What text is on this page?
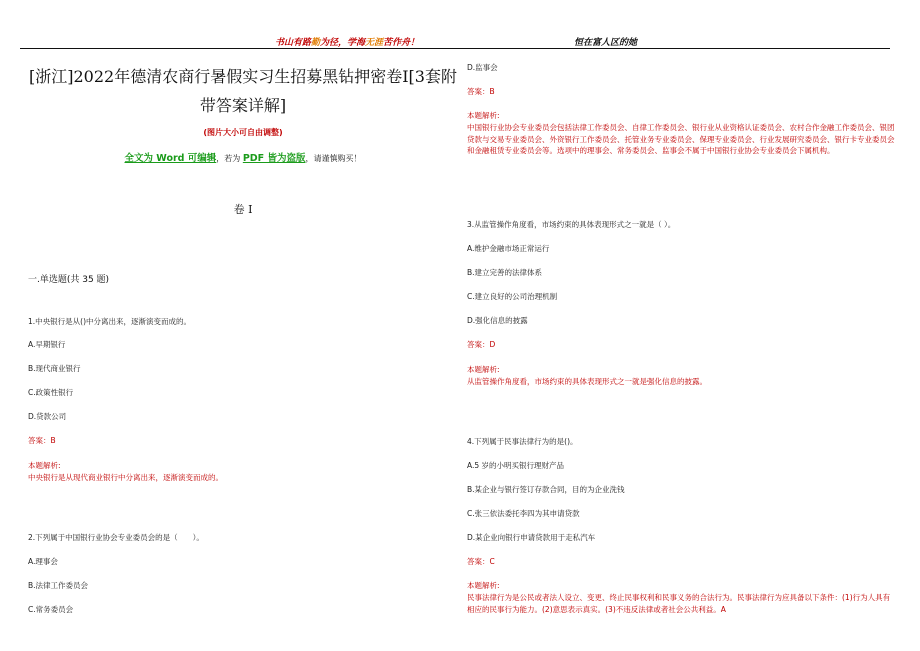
书山有路勤为径，学海无涯苦作舟！	恒在富人区的她
[浙江]2022年德清农商行暑假实习生招募黑钻押密卷I[3套附带答案详解]
(图片大小可自由调整)
全文为 Word 可编辑，若为 PDF 皆为盗版，请谨慎购买！
卷 I
一.单选题(共 35 题)
1.中央银行是从()中分离出来，逐渐演变而成的。
A.早期银行
B.现代商业银行
C.政策性银行
D.贷款公司
答案：B
本题解析:
中央银行是从现代商业银行中分离出来，逐渐演变而成的。
2.下列属于中国银行业协会专业委员会的是（　　）。
A.理事会
B.法律工作委员会
C.常务委员会
D.监事会
答案：B
本题解析:
中国银行业协会专业委员会包括法律工作委员会、自律工作委员会、银行业从业资格认证委员会、农村合作金融工作委员会、银团贷款与交易专业委员会、外资银行工作委员会、托管业务专业委员会、保理专业委员会、行业发展研究委员会、银行卡专业委员会和金融租赁专业委员会等。选项中的理事会、常务委员会、监事会不属于中国银行业协会专业委员会下属机构。
3.从监管操作角度看，市场约束的具体表现形式之一就是（ ）。
A.维护金融市场正常运行
B.建立完善的法律体系
C.建立良好的公司治理机制
D.强化信息的披露
答案：D
本题解析:
从监管操作角度看，市场约束的具体表现形式之一就是强化信息的披露。
4.下列属于民事法律行为的是()。
A.5 岁的小明买银行理财产品
B.某企业与银行签订存款合同，目的为企业洗钱
C.张三依法委托李四为其申请贷款
D.某企业向银行申请贷款用于走私汽车
答案：C
本题解析:
民事法律行为是公民或者法人设立、变更、终止民事权利和民事义务的合法行为。民事法律行为应具备以下条件：(1)行为人具有相应的民事行为能力。(2)意思表示真实。(3)不违反法律或者社会公共利益。A
